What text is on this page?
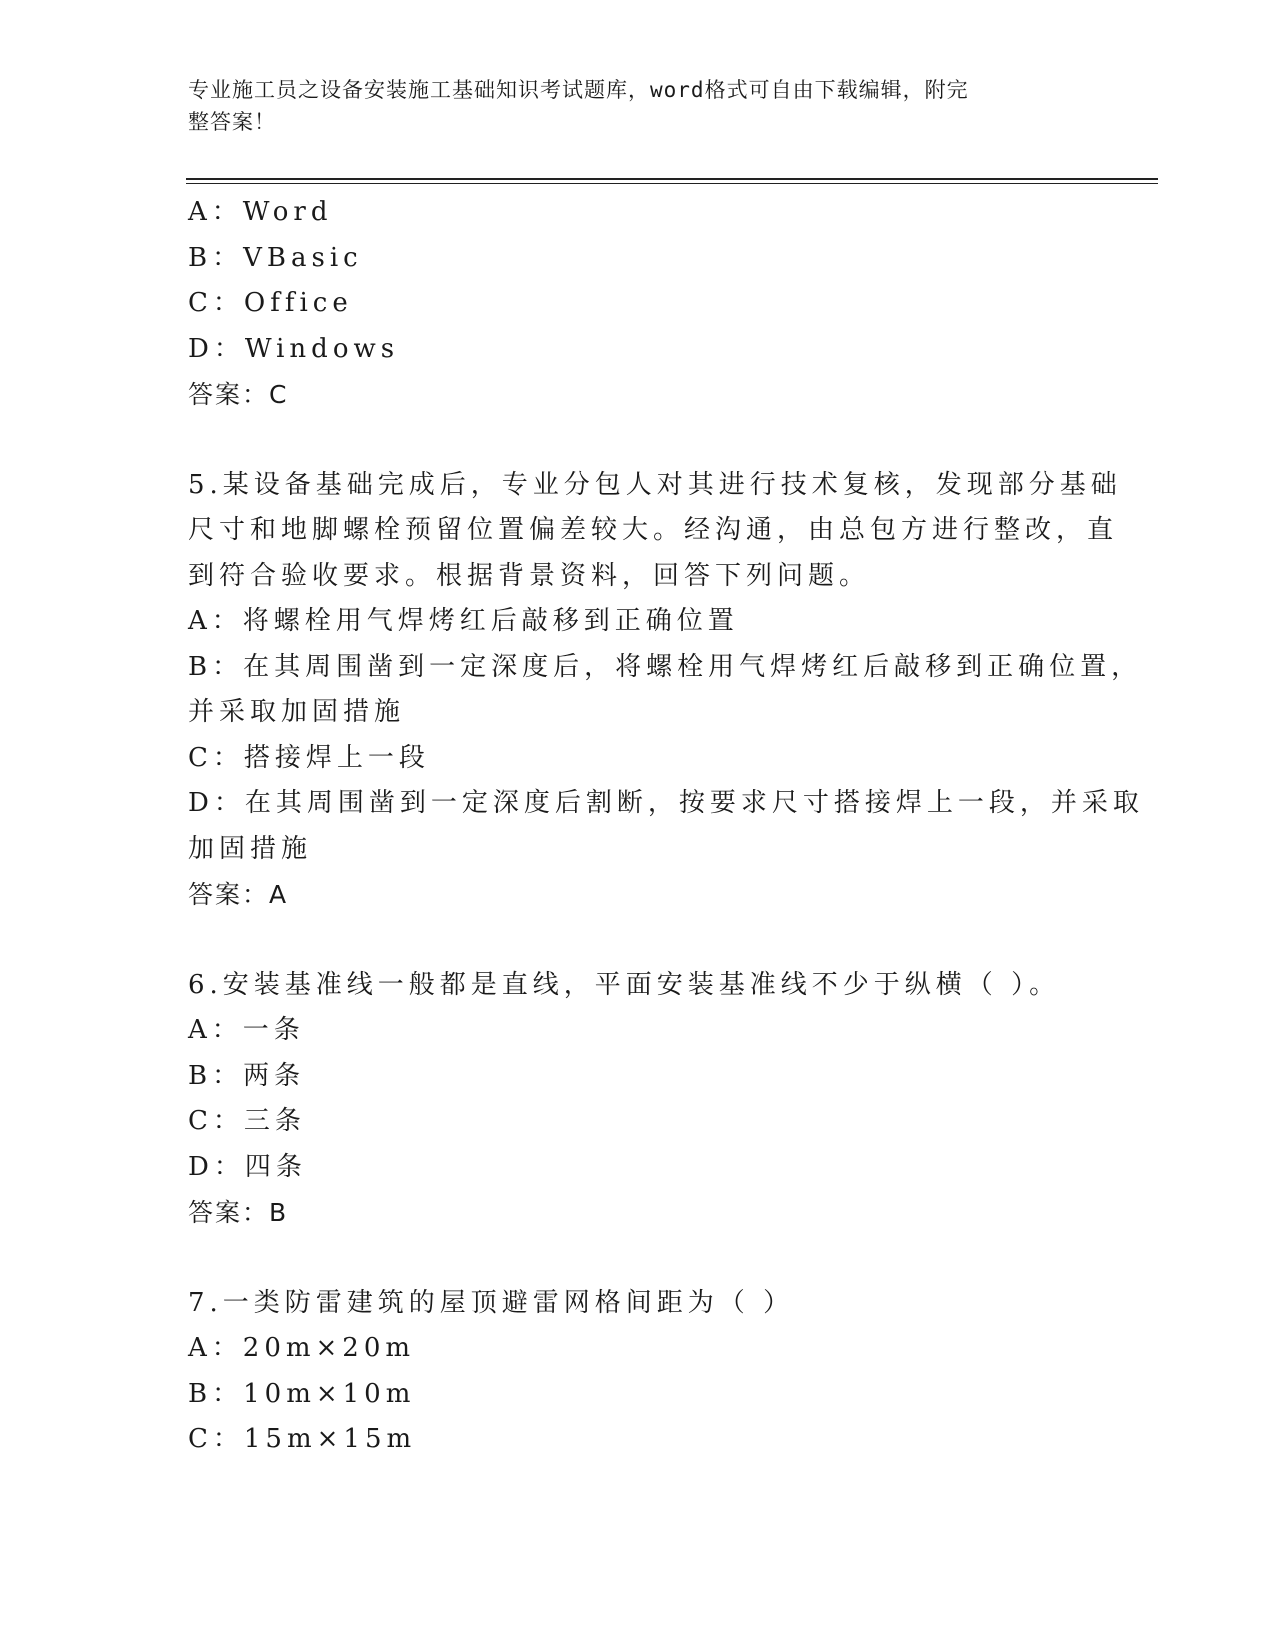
专业施工员之设备安装施工基础知识考试题库，word格式可自由下载编辑，附完
整答案！
A：Word
B：VBasic
C：Office
D：Windows
答案：C
5.某设备基础完成后，专业分包人对其进行技术复核，发现部分基础
尺寸和地脚螺栓预留位置偏差较大。经沟通，由总包方进行整改，直
到符合验收要求。根据背景资料，回答下列问题。
A：将螺栓用气焊烤红后敲移到正确位置
B：在其周围凿到一定深度后，将螺栓用气焊烤红后敲移到正确位置，
并采取加固措施
C：搭接焊上一段
D：在其周围凿到一定深度后割断，按要求尺寸搭接焊上一段，并采取
加固措施
答案：A
6.安装基准线一般都是直线，平面安装基准线不少于纵横（ ）。
A：一条
B：两条
C：三条
D：四条
答案：B
7.一类防雷建筑的屋顶避雷网格间距为（ ）
A：20m×20m
B：10m×10m
C：15m×15m
